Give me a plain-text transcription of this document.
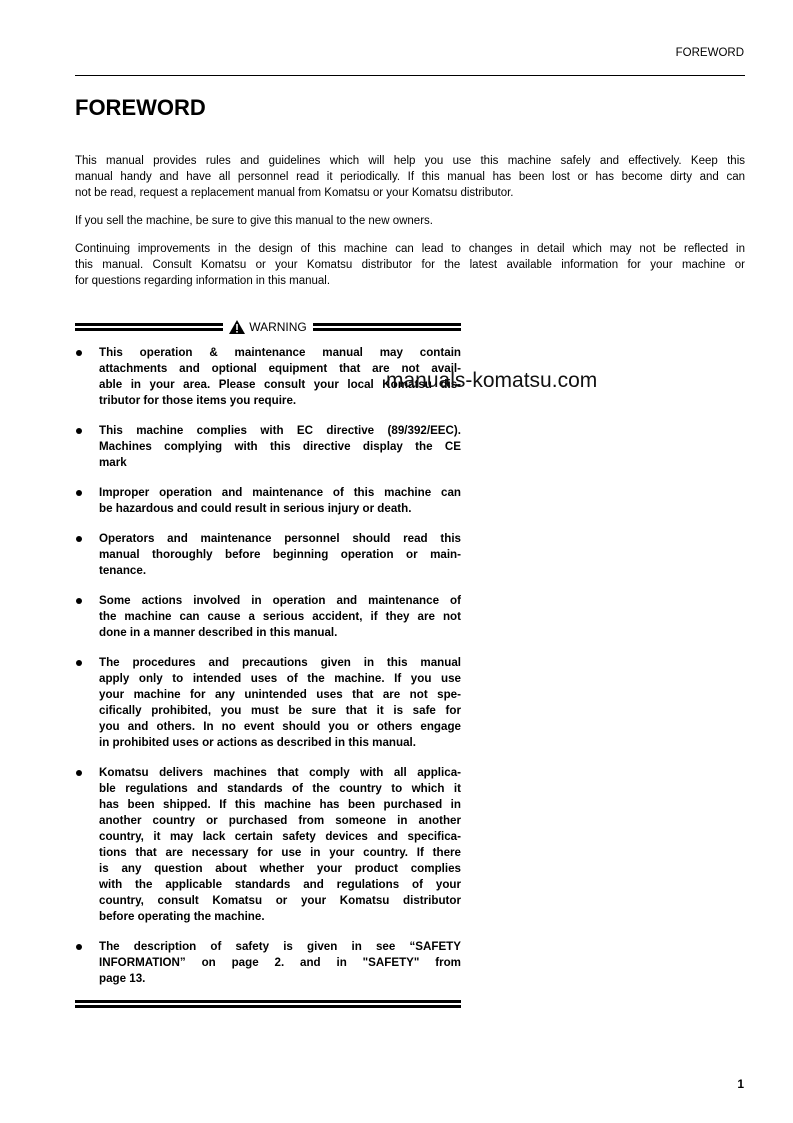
FOREWORD
FOREWORD
This manual provides rules and guidelines which will help you use this machine safely and effectively. Keep this
manual handy and have all personnel read it periodically. If this manual has been lost or has become dirty and can
not be read, request a replacement manual from Komatsu or your Komatsu distributor.
If you sell the machine, be sure to give this manual to the new owners.
Continuing improvements in the design of this machine can lead to changes in detail which may not be reflected in
this manual. Consult Komatsu or your Komatsu distributor for the latest available information for your machine or
for questions regarding information in this manual.
WARNING
This operation & maintenance manual may contain
attachments and optional equipment that are not avail-
able in your area. Please consult your local Komatsu dis-
tributor for those items you require.
This machine complies with EC directive (89/392/EEC).
Machines complying with this directive display the CE
mark
Improper operation and maintenance of this machine can
be hazardous and could result in serious injury or death.
Operators and maintenance personnel should read this
manual thoroughly before beginning operation or main-
tenance.
Some actions involved in operation and maintenance of
the machine can cause a serious accident, if they are not
done in a manner described in this manual.
The procedures and precautions given in this manual
apply only to intended uses of the machine. If you use
your machine for any unintended uses that are not spe-
cifically prohibited, you must be sure that it is safe for
you and others. In no event should you or others engage
in prohibited uses or actions as described in this manual.
Komatsu delivers machines that comply with all applica-
ble regulations and standards of the country to which it
has been shipped. If this machine has been purchased in
another country or purchased from someone in another
country, it may lack certain safety devices and specifica-
tions that are necessary for use in your country. If there
is any question about whether your product complies
with the applicable standards and regulations of your
country, consult Komatsu or your Komatsu distributor
before operating the machine.
The description of safety is given in see “SAFETY
INFORMATION” on page 2. and in "SAFETY" from
page 13.
manuals-komatsu.com
1
